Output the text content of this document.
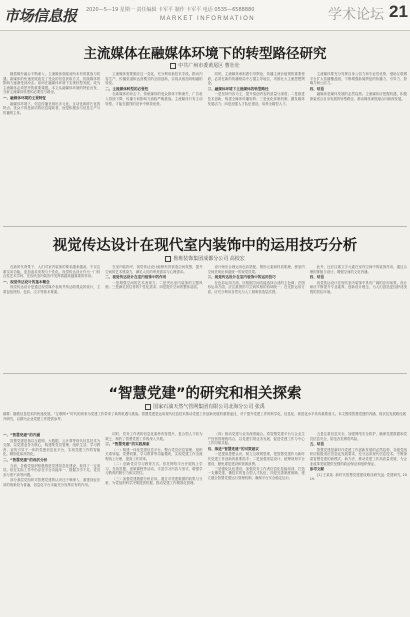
市场信息报 2020—5—19 星期一 责任编辑 卡军平 制作 卡军平 电话 0535—6588880
MARKET INFORMATION	学术论坛 21
主流媒体在融媒体环境下的转型路径研究
中共广州市委黄尾区 曹壮壮

随着媒介融合不断深入，主流媒体面临前所未有的挑战与机遇。新媒体的快速发展改变了受众的信息获取方式，传统媒体的影响力逐渐受到冲击。如何在融媒体环境下实现转型发展，成为主流媒体必须思考的重要课题。本文从融媒体环境的特征出发，分析主流媒体转型的必要性与路径。

一、融媒体环境的主要特征

融媒体环境下，信息传播呈现出多元化、互动化和碎片化的特点。受众不再是被动的信息接收者，而是积极参与信息生产与传播的主体。

主流媒体需要顺应这一变化，充分利用新技术手段，推动内容生产、传播渠道和运营模式的全面创新，实现从相加到相融的转变。

二、主流媒体转型的必要性

在新媒体的冲击下，传统媒体的受众群体不断流失，广告收入持续下降，传播力和影响力面临严峻挑战。主流媒体只有主动转型，才能在激烈的竞争中保持优势。

同时，主流媒体承担着引导舆论、传播主流价值观的重要使命，必须在新的传播格局中占据主导地位，巩固壮大主流思想舆论。

三、融媒体环境下主流媒体的转型路径

一是坚持内容为王，提升原创内容的质量与深度；二是推进技术创新，构建全媒体传播矩阵；三是优化体制机制，激发媒体发展活力；四是加强人才队伍建设，培养全媒型人才。

主流媒体要充分发挥自身公信力和专业性优势，借助互联网平台扩大传播覆盖面，不断增强新闻舆论的传播力、引导力、影响力和公信力。

四、结语

融媒体是媒体发展的必然趋势。主流媒体应把握机遇，积极探索适合自身发展的转型路径，推动媒体深度融合向纵深发展。

视觉传达设计在现代室内装饰中的运用技巧分析
鲁班装饰集团成都分公司 高校宏

在新时代背景下，人们对室内装饰的要求越来越高，不仅注重实用功能，更加追求美观与个性化。视觉传达设计作为一门综合性艺术学科，在现代室内装饰中发挥着越来越重要的作用。

一、视觉传达设计的基本概念

视觉传达设计是通过视觉媒介表现并传达给观众的设计，主要包括图形、色彩、文字等基本要素。

在室内装饰中，视觉传达设计能够有效营造空间氛围，提升空间的艺术感染力，满足人们的审美需求与心理需求。

二、视觉传达设计在室内装饰中的作用

一是增强空间的艺术表现力；二是突出室内装饰的主题风格；三是满足居住者的个性化需求；四是提升空间的整体品质。

设计师应合理运用色彩搭配、图形元素和材质肌理，使室内空间呈现出和谐统一的视觉效果。

三、视觉传达设计在室内装饰中的运用技巧

在色彩运用方面，应根据空间功能选择合适的主色调；在图形运用方面，应注重图形与空间风格的协调统一；在光影运用方面，应充分利用自然光与人工照明营造层次感。

此外，还应注重文字元素在室内空间中的装饰作用，通过合理的排版与设计，增强空间的文化内涵。

四、结语

视觉传达设计在现代室内装饰中具有广阔的应用前景。设计师应不断提升专业素养，创新设计理念，为人们创造更加舒适美观的居住环境。

“智慧党建”的研究和相关探索
国家石油天然气管网集团有限公司北海分公司 张禹
摘要：随着信息技术的快速发展，“互联网+”时代的到来为党建工作带来了新的机遇与挑战。智慧党建是运用现代信息技术推动党建工作创新发展的重要途径，对于提升党建工作的科学化、信息化、规范化水平具有重要意义。本文围绕智慧党建的内涵、现状及发展路径展开研究，以期为企业党建工作提供参考。
一、“智慧党建”的内涵

智慧党建是指以互联网、大数据、云计算等现代信息技术为支撑，以党建业务为核心，构建集党员管理、组织生活、学习教育、宣传引导于一体的党建信息化平台，实现党建工作的智能化、精细化和高效化。

二、“智慧党建”的现状分析

当前，各级党组织积极推进党建信息化建设，取得了一定成效。但在实际工作中仍存在平台功能单一、数据共享不足、党员参与度不高等问题。

部分基层党组织对智慧党建的认识还不够深入，重建设轻应用的现象较为普遍，信息化平台未能充分发挥应有的作用。

同时，党务工作者的信息化素养有待提升，复合型人才较为缺乏，制约了智慧党建工作的深入开展。

三、“智慧党建”的实践探索

（一）构建一体化党建信息平台。整合党员信息管理、组织关系转接、党费收缴、学习教育等功能模块，实现党建工作全流程线上办理，提高工作效率。

（二）创新党员学习教育方式。依托网络平台开展线上学习、在线答题、视频课程等活动，丰富学习内容与形式，增强学习教育的吸引力和实效性。

（三）加强党建数据分析应用。通过对党建数据的收集与分析，为党组织科学决策提供依据，推动党建工作精准化管理。

（四）推动党建与业务深度融合。将智慧党建平台与企业生产经营管理相结合，以党建引领业务发展，促进党建工作与中心工作同频共振。

四、推进“智慧党建”的对策建议

一是提高思想认识，树立互联网思维，把智慧党建作为新时代党建工作创新的重要抓手；二是加强顶层设计，统筹规划平台建设，避免重复建设和资源浪费。

三是强化队伍建设，加强党务工作者信息化技能培训，打造一支懂党建、懂技术的复合型人才队伍；四是完善制度保障，建立健全智慧党建运行管理机制，确保平台安全稳定运行。

五是注重信息安全，加强网络安全防护，确保党建数据和党员信息安全，防范各类网络风险。

五、结语

智慧党建是新时代党建工作创新发展的必然趋势。各级党组织应积极适应信息化发展要求，充分运用现代信息技术，不断探索智慧党建的新模式、新方法，推动党建工作高质量发展，为企业改革发展提供坚强的政治保证和组织保证。

参考文献

[1] 王某某. 新时代智慧党建建设路径研究[J]. 党建研究, 2019.
